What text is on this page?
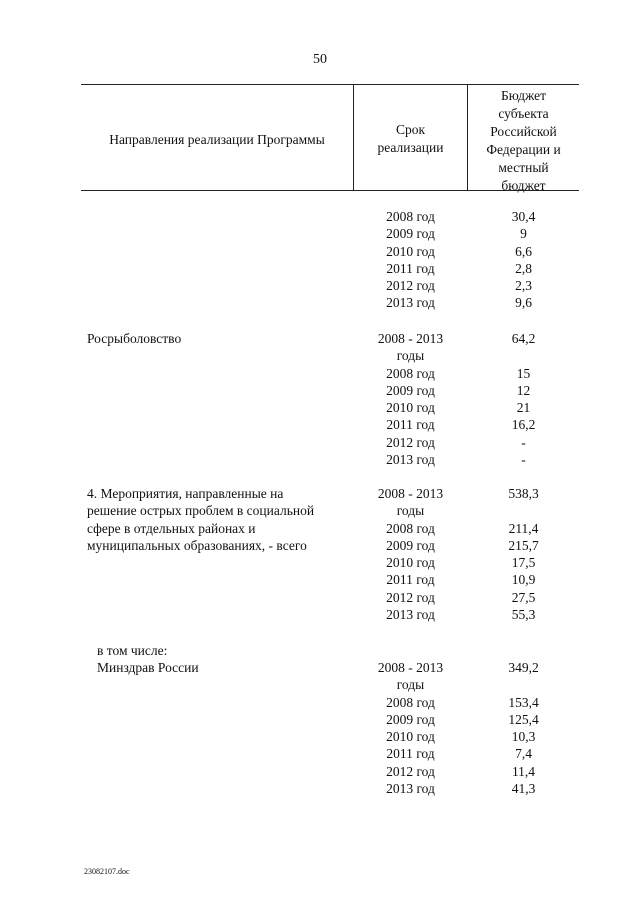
50
Направления реализации Программы
Срок
реализации
Бюджет
субъекта
Российской
Федерации и
местный
бюджет
2008 год
2009 год
2010 год
2011 год
2012 год
2013 год
30,4
9
6,6
2,8
2,3
9,6
Росрыболовство	2008 - 2013
годы
2008 год
2009 год
2010 год
2011 год
2012 год
2013 год
64,2

15
12
21
16,2
-
-
4. Мероприятия, направленные на
решение острых проблем в социальной
сфере в отдельных районах и
муниципальных образованиях, - всего
2008 - 2013
годы
2008 год
2009 год
2010 год
2011 год
2012 год
2013 год
538,3

211,4
215,7
17,5
10,9
27,5
55,3
в том числе:
Минздрав России	2008 - 2013
годы
2008 год
2009 год
2010 год
2011 год
2012 год
2013 год
349,2

153,4
125,4
10,3
7,4
11,4
41,3
23082107.doc
